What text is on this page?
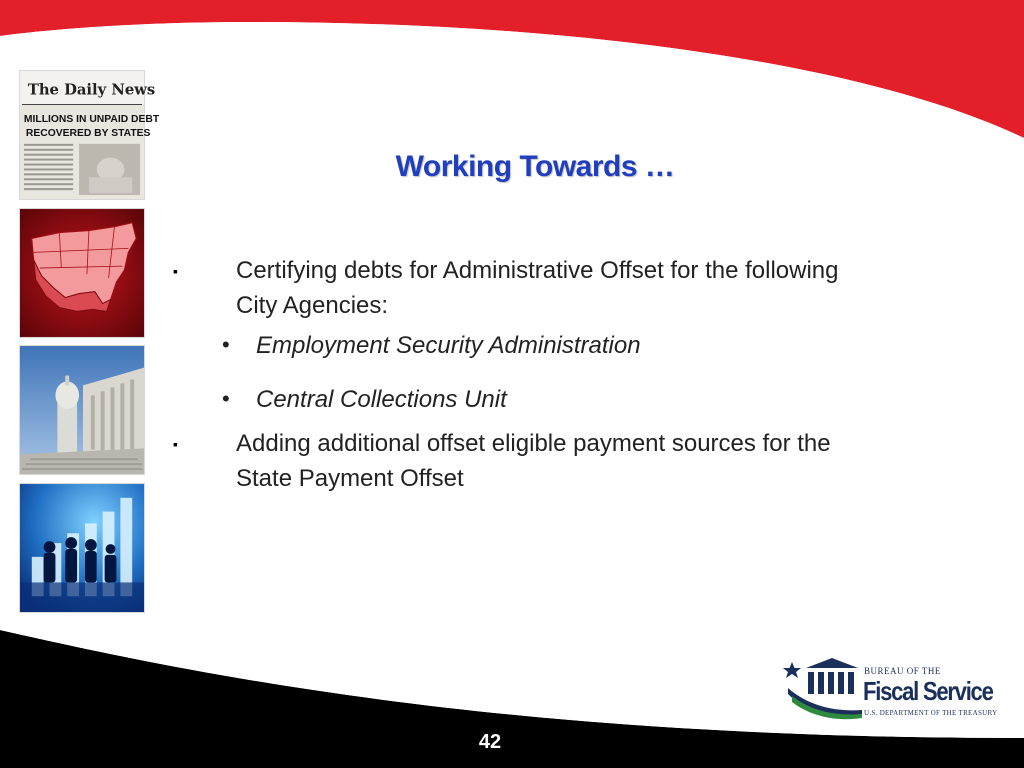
The Daily News
MILLIONS IN UNPAID DEBT
RECOVERED BY STATES
Working Towards …
▪ Certifying debts for Administrative Offset for the following
City Agencies:
• Employment Security Administration
• Central Collections Unit
▪ Adding additional offset eligible payment sources for the
State Payment Offset
BUREAU OF THE
Fiscal Service
U.S. DEPARTMENT OF THE TREASURY
42
